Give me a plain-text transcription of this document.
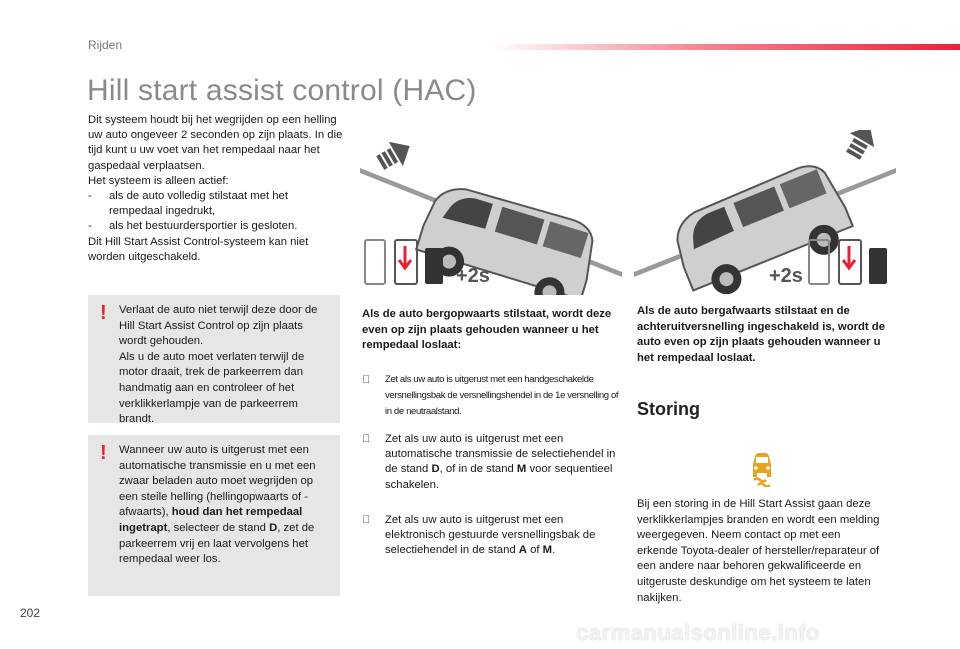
Rijden
Hill start assist control (HAC)

Dit systeem houdt bij het wegrijden op een helling uw auto ongeveer 2 seconden op zijn plaats. In die tijd kunt u uw voet van het rempedaal naar het gaspedaal verplaatsen.

Het systeem is alleen actief:

- als de auto volledig stilstaat met het rempedaal ingedrukt,

- als het bestuurdersportier is gesloten.

Dit Hill Start Assist Control-systeem kan niet worden uitgeschakeld.

! Verlaat de auto niet terwijl deze door de Hill Start Assist Control op zijn plaats wordt gehouden.

Als u de auto moet verlaten terwijl de motor draait, trek de parkeerrem dan handmatig aan en controleer of het verklikkerlampje van de parkeerrem brandt.

! Wanneer uw auto is uitgerust met een automatische transmissie en u met een zwaar beladen auto moet wegrijden op een steile helling (hellingopwaarts of -afwaarts), houd dan het rempedaal ingetrapt, selecteer de stand D, zet de parkeerrem vrij en laat vervolgens het rempedaal weer los.

+2s	+2s
Als de auto bergopwaarts stilstaat, wordt deze even op zijn plaats gehouden wanneer u het rempedaal loslaat:
Als de auto bergafwaarts stilstaat en de achteruitversnelling ingeschakeld is, wordt de auto even op zijn plaats gehouden wanneer u het rempedaal loslaat.
Zet als uw auto is uitgerust met een handgeschakelde versnellingsbak de versnellingshendel in de 1e versnelling of in de neutraalstand.
Zet als uw auto is uitgerust met een automatische transmissie de selectiehendel in de stand D, of in de stand M voor sequentieel schakelen.
Zet als uw auto is uitgerust met een elektronisch gestuurde versnellingsbak de selectiehendel in de stand A of M.
Storing

Bij een storing in de Hill Start Assist gaan deze verklikkerlampjes branden en wordt een melding weergegeven. Neem contact op met een erkende Toyota-dealer of hersteller/reparateur of een andere naar behoren gekwalificeerde en uitgeruste deskundige om het systeem te laten nakijken.

202
carmanualsonline.info
